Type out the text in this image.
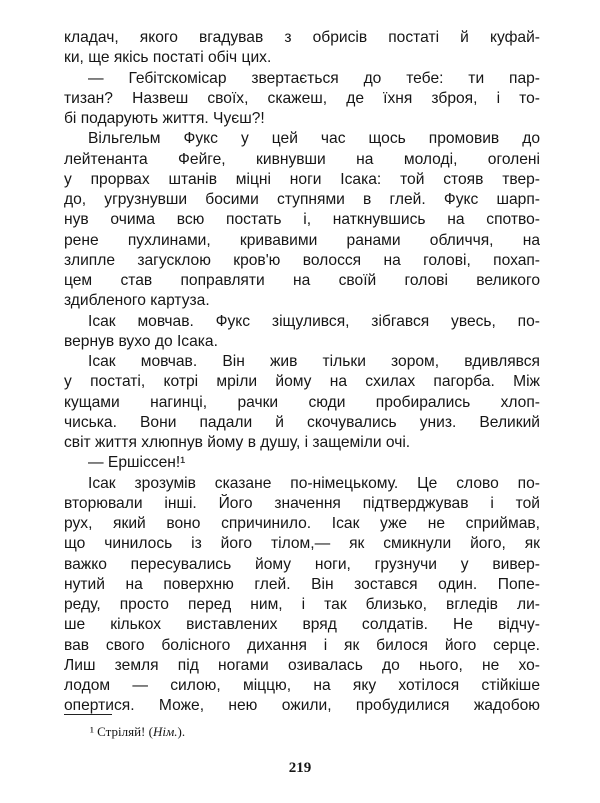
кладач, якого вгадував з обрисів постаті й куфай-
ки, ще якісь постаті обіч цих.
— Гебітскомісар звертається до тебе: ти пар-
тизан? Назвеш своїх, скажеш, де їхня зброя, і то-
бі подарують життя. Чуєш?!
Вільгельм Фукс у цей час щось промовив до
лейтенанта Фейге, кивнувши на молоді, оголені
у прорвах штанів міцні ноги Ісака: той стояв твер-
до, угрузнувши босими ступнями в глей. Фукс шарп-
нув очима всю постать і, наткнувшись на спотво-
рене пухлинами, кривавими ранами обличчя, на
злипле загусклою кров'ю волосся на голові, похап-
цем став поправляти на своїй голові великого
здибленого картуза.
Ісак мовчав. Фукс зіщулився, зібгався увесь, по-
вернув вухо до Ісака.
Ісак мовчав. Він жив тільки зором, вдивлявся
у постаті, котрі мріли йому на схилах пагорба. Між
кущами нагинці, рачки сюди пробирались хлоп-
чиська. Вони падали й скочувались униз. Великий
світ життя хлюпнув йому в душу, і защеміли очі.
— Ершіссен!¹
Ісак зрозумів сказане по-німецькому. Це слово по-
вторювали інші. Його значення підтверджував і той
рух, який воно спричинило. Ісак уже не сприймав,
що чинилось із його тілом,— як смикнули його, як
важко пересувались йому ноги, грузнучи у вивер-
нутий на поверхню глей. Він зостався один. Попе-
реду, просто перед ним, і так близько, вгледів ли-
ше кількох виставлених вряд солдатів. Не відчу-
вав свого болісного дихання і як билося його серце.
Лиш земля під ногами озивалась до нього, не хо-
лодом — силою, міццю, на яку хотілося стійкіше
опертися. Може, нею ожили, пробудилися жадобою
¹ Стріляй! (Нім.).
219
